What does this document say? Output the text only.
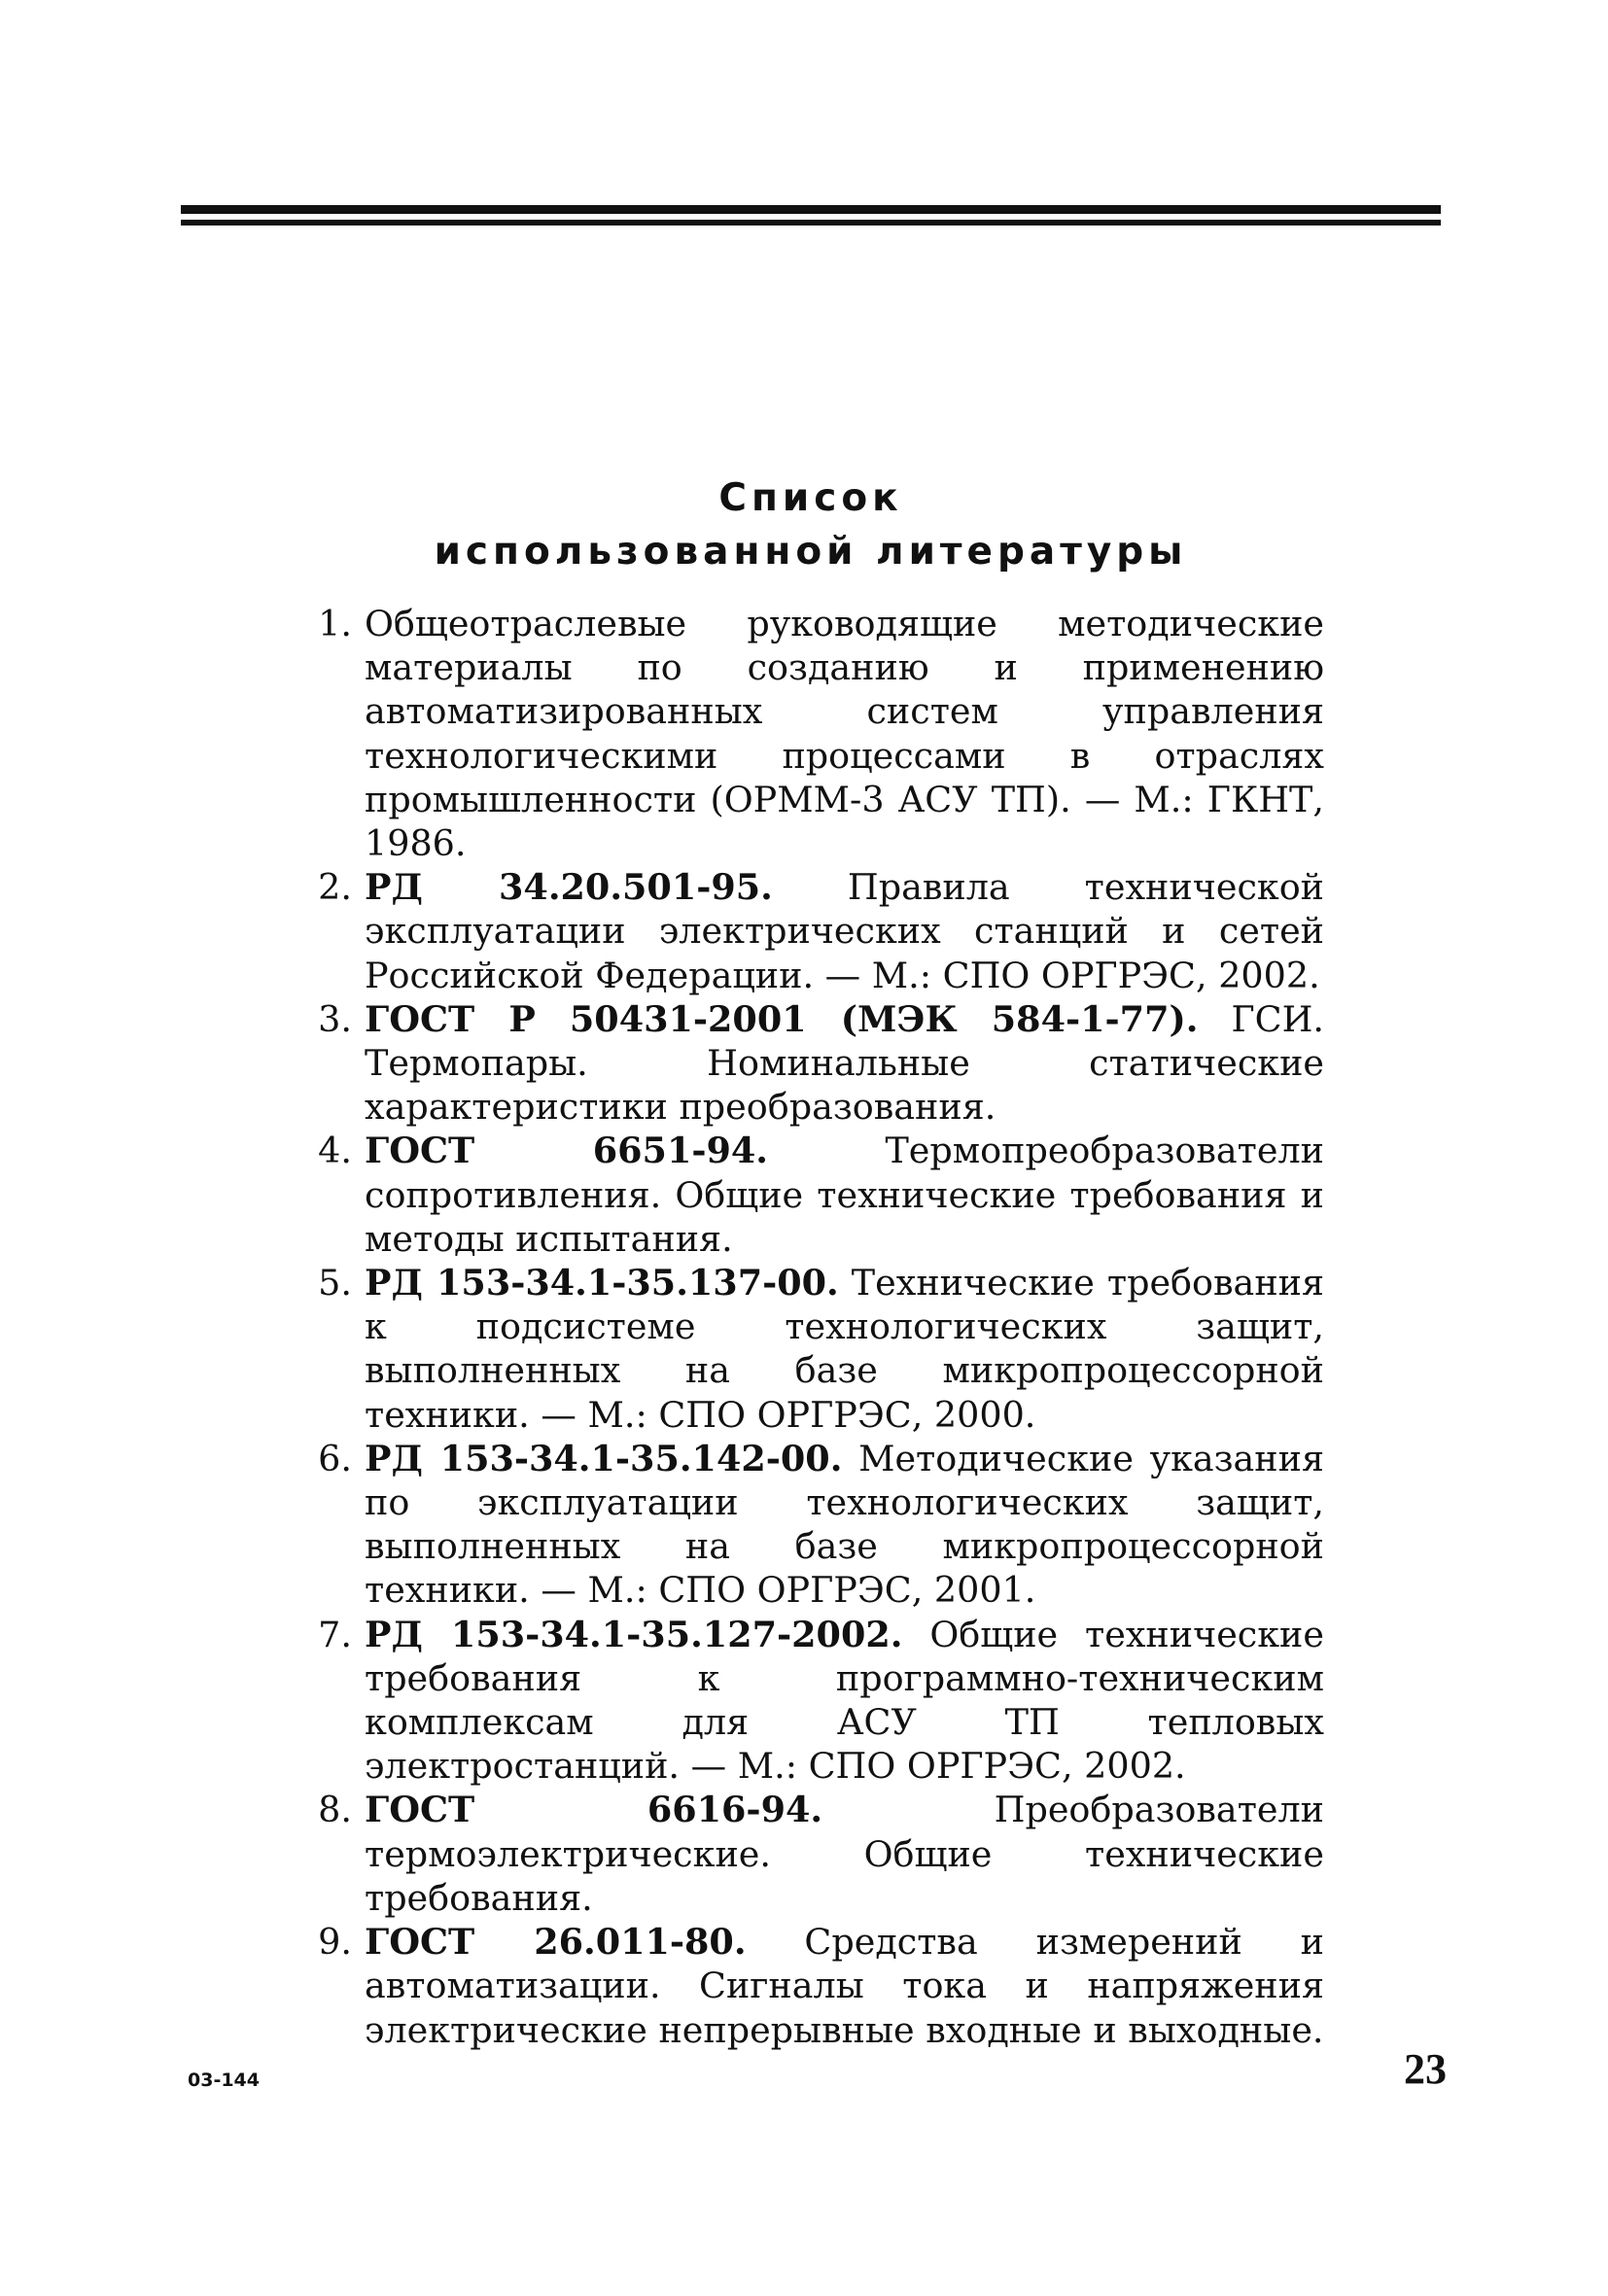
Список
использованной литературы
1. Общеотраслевые руководящие методические материалы по созданию и применению автоматизированных систем управления технологическими процессами в отраслях промышленности (ОРММ-3 АСУ ТП). — М.: ГКНТ, 1986.
2. РД 34.20.501-95. Правила технической эксплуатации электрических станций и сетей Российской Федерации. — М.: СПО ОРГРЭС, 2002.
3. ГОСТ Р 50431-2001 (МЭК 584-1-77). ГСИ. Термопары. Номинальные статические характеристики преобразования.
4. ГОСТ 6651-94. Термопреобразователи сопротивления. Общие технические требования и методы испытания.
5. РД 153-34.1-35.137-00. Технические требования к подсистеме технологических защит, выполненных на базе микропроцессорной техники. — М.: СПО ОРГРЭС, 2000.
6. РД 153-34.1-35.142-00. Методические указания по эксплуатации технологических защит, выполненных на базе микропроцессорной техники. — М.: СПО ОРГРЭС, 2001.
7. РД 153-34.1-35.127-2002. Общие технические требования к программно-техническим комплексам для АСУ ТП тепловых электростанций. — М.: СПО ОРГРЭС, 2002.
8. ГОСТ 6616-94. Преобразователи термоэлектрические. Общие технические требования.
9. ГОСТ 26.011-80. Средства измерений и автоматизации. Сигналы тока и напряжения электрические непрерывные входные и выходные.
03-144	23
